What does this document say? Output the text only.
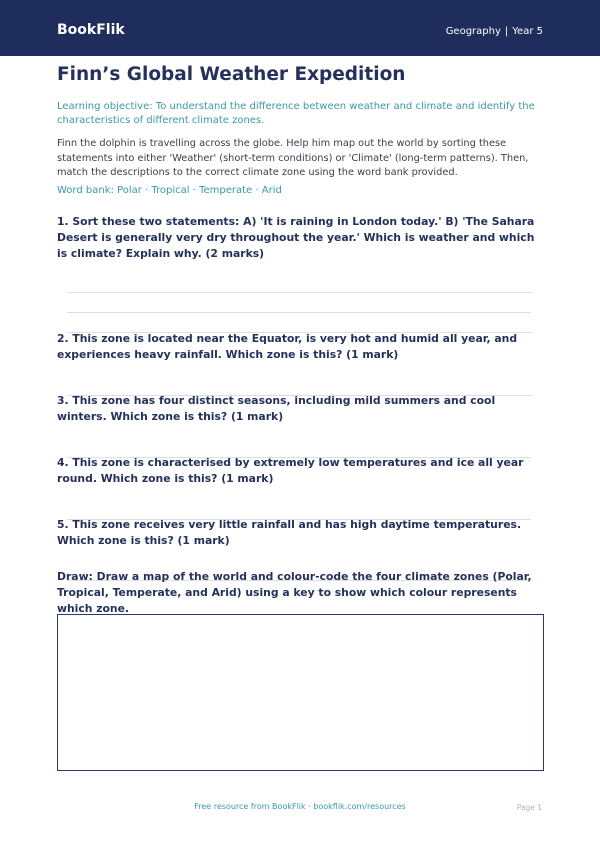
BookFlik	Geography | Year 5
Finn’s Global Weather Expedition
Learning objective: To understand the difference between weather and climate and identify the characteristics of different climate zones.
Finn the dolphin is travelling across the globe. Help him map out the world by sorting these statements into either 'Weather' (short-term conditions) or 'Climate' (long-term patterns). Then, match the descriptions to the correct climate zone using the word bank provided.
Word bank: Polar · Tropical · Temperate · Arid
1. Sort these two statements: A) 'It is raining in London today.' B) 'The Sahara Desert is generally very dry throughout the year.' Which is weather and which is climate? Explain why. (2 marks)
2. This zone is located near the Equator, is very hot and humid all year, and experiences heavy rainfall. Which zone is this? (1 mark)
3. This zone has four distinct seasons, including mild summers and cool winters. Which zone is this? (1 mark)
4. This zone is characterised by extremely low temperatures and ice all year round. Which zone is this? (1 mark)
5. This zone receives very little rainfall and has high daytime temperatures. Which zone is this? (1 mark)
Draw: Draw a map of the world and colour-code the four climate zones (Polar, Tropical, Temperate, and Arid) using a key to show which colour represents which zone.
Free resource from BookFlik · bookflik.com/resources	Page 1
